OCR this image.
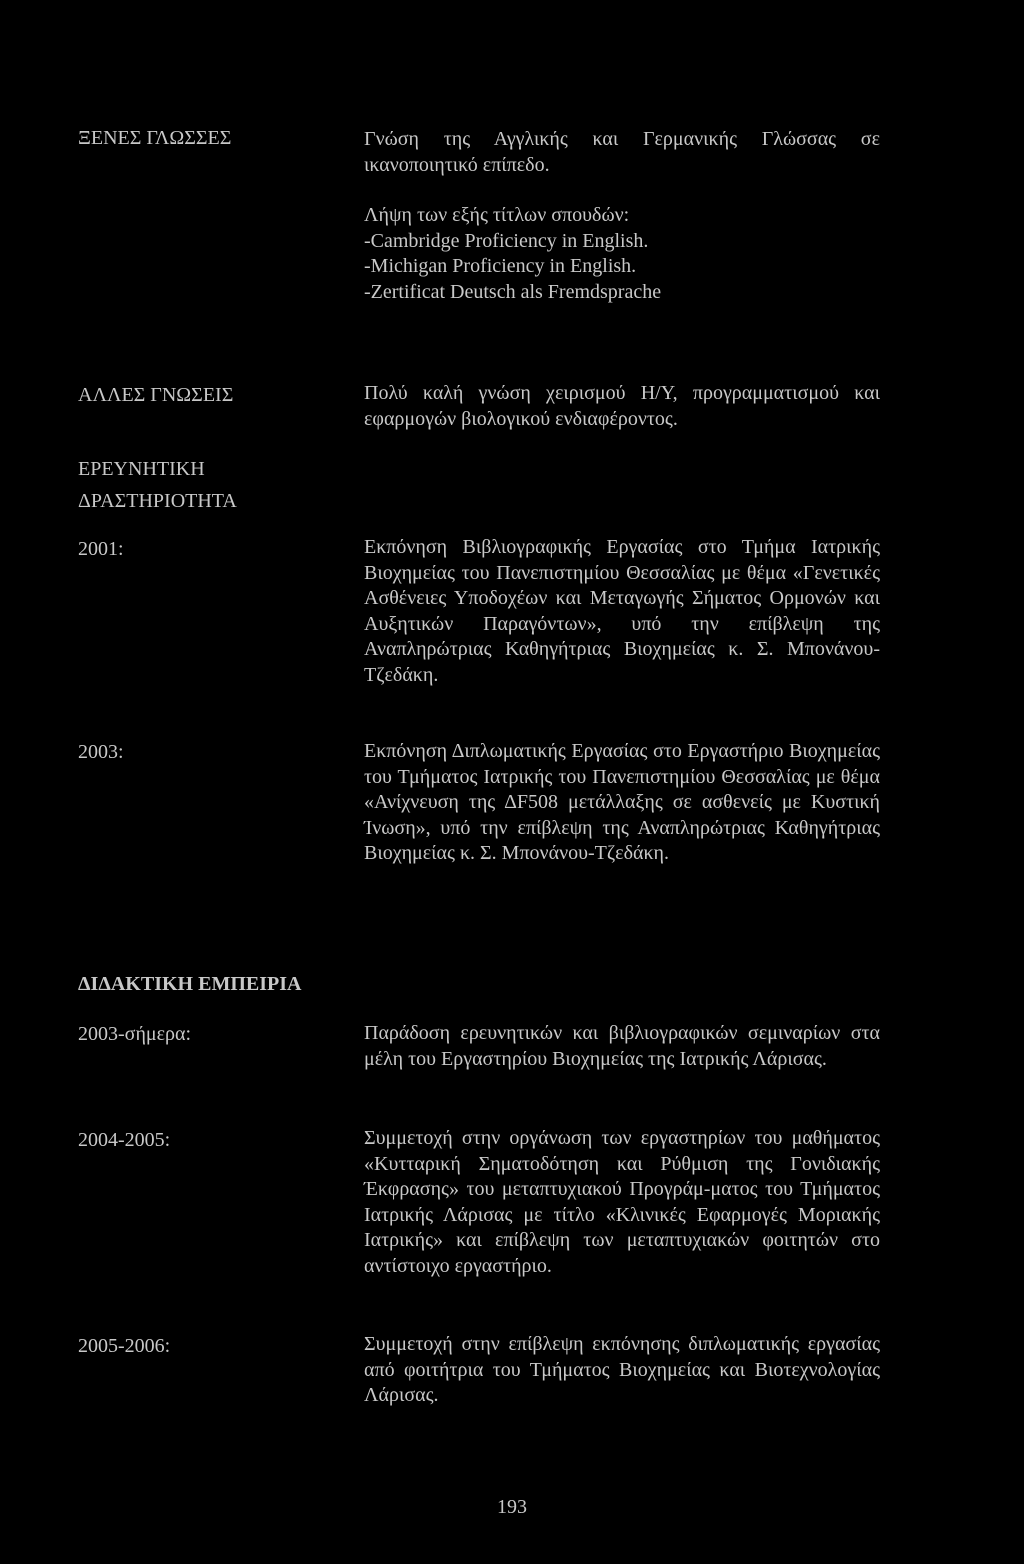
ΞΕΝΕΣ ΓΛΩΣΣΕΣ	Γνώση της Αγγλικής και Γερμανικής Γλώσσας σε ικανοποιητικό επίπεδο.

Λήψη των εξής τίτλων σπουδών:

-Cambridge Proficiency in English.

-Michigan Proficiency in English.

-Zertificat Deutsch als Fremdsprache

ΑΛΛΕΣ ΓΝΩΣΕΙΣ	Πολύ καλή γνώση χειρισμού Η/Υ, προγραμματισμού και εφαρμογών βιολογικού ενδιαφέροντος.

ΕΡΕΥΝΗΤΙΚΗ
ΔΡΑΣΤΗΡΙΟΤΗΤΑ
2001:	Εκπόνηση Βιβλιογραφικής Εργασίας στο Τμήμα Ιατρικής Βιοχημείας του Πανεπιστημίου Θεσσαλίας με θέμα «Γενετικές Ασθένειες Υποδοχέων και Μεταγωγής Σήματος Ορμονών και Αυξητικών Παραγόντων», υπό την επίβλεψη της Αναπληρώτριας Καθηγήτριας Βιοχημείας κ. Σ. Μπονάνου-Τζεδάκη.

2003:	Εκπόνηση Διπλωματικής Εργασίας στο Εργαστήριο Βιοχημείας του Τμήματος Ιατρικής του Πανεπιστημίου Θεσσαλίας με θέμα «Ανίχνευση της ΔF508 μετάλλαξης σε ασθενείς με Κυστική Ίνωση», υπό την επίβλεψη της Αναπληρώτριας Καθηγήτριας Βιοχημείας κ. Σ. Μπονάνου-Τζεδάκη.

ΔΙΔΑΚΤΙΚΗ ΕΜΠΕΙΡΙΑ
2003-σήμερα:	Παράδοση ερευνητικών και βιβλιογραφικών σεμιναρίων στα μέλη του Εργαστηρίου Βιοχημείας της Ιατρικής Λάρισας.

2004-2005:	Συμμετοχή στην οργάνωση των εργαστηρίων του μαθήματος «Κυτταρική Σηματοδότηση και Ρύθμιση της Γονιδιακής Έκφρασης» του μεταπτυχιακού Προγράμ-ματος του Τμήματος Ιατρικής Λάρισας με τίτλο «Κλινικές Εφαρμογές Μοριακής Ιατρικής» και επίβλεψη των μεταπτυχιακών φοιτητών στο αντίστοιχο εργαστήριο.

2005-2006:	Συμμετοχή στην επίβλεψη εκπόνησης διπλωματικής εργασίας από φοιτήτρια του Τμήματος Βιοχημείας και Βιοτεχνολογίας Λάρισας.

193
